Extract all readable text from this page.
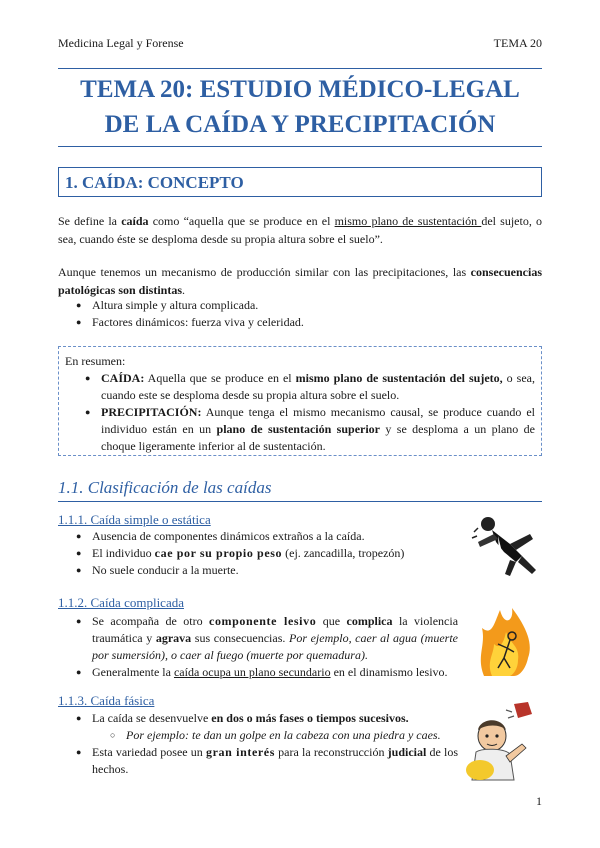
Medicina Legal y Forense	TEMA 20
TEMA 20: ESTUDIO MÉDICO-LEGAL
DE LA CAÍDA Y PRECIPITACIÓN
1. CAÍDA: CONCEPTO
Se define la caída como “aquella que se produce en el mismo plano de sustentación del sujeto, o sea, cuando éste se desploma desde su propia altura sobre el suelo”.
Aunque tenemos un mecanismo de producción similar con las precipitaciones, las consecuencias patológicas son distintas.
● Altura simple y altura complicada.
● Factores dinámicos: fuerza viva y celeridad.
En resumen:
● CAÍDA: Aquella que se produce en el mismo plano de sustentación del sujeto, o sea, cuando este se desploma desde su propia altura sobre el suelo.
● PRECIPITACIÓN: Aunque tenga el mismo mecanismo causal, se produce cuando el individuo están en un plano de sustentación superior y se desploma a un plano de choque ligeramente inferior al de sustentación.
1.1. Clasificación de las caídas
1.1.1. Caída simple o estática
● Ausencia de componentes dinámicos extraños a la caída.
● El individuo cae por su propio peso (ej. zancadilla, tropezón)
● No suele conducir a la muerte.
1.1.2. Caída complicada
● Se acompaña de otro componente lesivo que complica la violencia traumática y agrava sus consecuencias. Por ejemplo, caer al agua (muerte por sumersión), o caer al fuego (muerte por quemadura).
● Generalmente la caída ocupa un plano secundario en el dinamismo lesivo.
1.1.3. Caída fásica
● La caída se desenvuelve en dos o más fases o tiempos sucesivos.
○ Por ejemplo: te dan un golpe en la cabeza con una piedra y caes.
● Esta variedad posee un gran interés para la reconstrucción judicial de los hechos.
1
